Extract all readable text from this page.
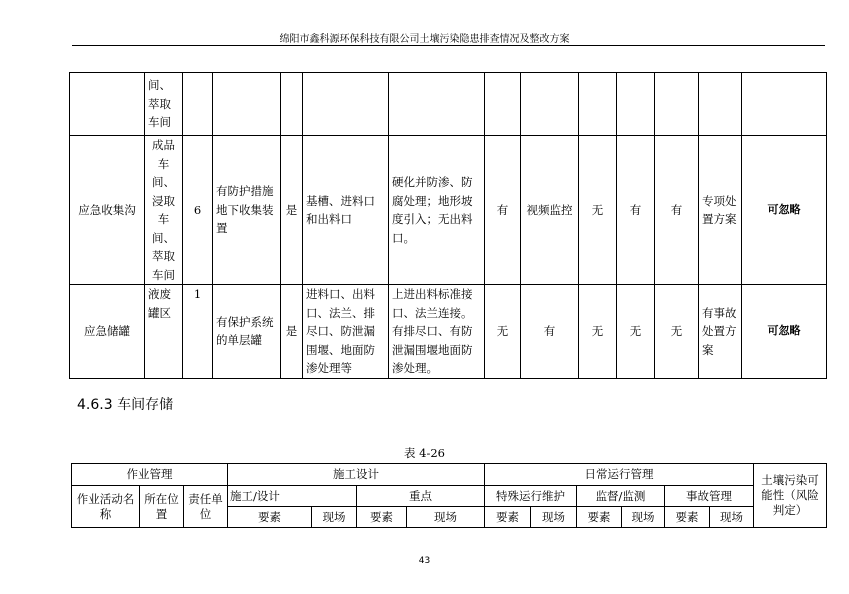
绵阳市鑫科源环保科技有限公司土壤污染隐患排查情况及整改方案
	间、萃取车间												
应急收集沟	成品车间、浸取车间、萃取车间	6	有防护措施地下收集装置	是	基槽、进料口和出料口	硬化并防渗、防腐处理；地形坡度引入；无出料口。	有	视频监控	无	有	有	专项处置方案	可忽略
应急储罐	液废罐区	1	有保护系统的单层罐	是	进料口、出料口、法兰、排尽口、防泄漏围堰、地面防渗处理等	上进出料标准接口、法兰连接。有排尽口、有防泄漏围堰地面防渗处理。	无	有	无	无	无	有事故处置方案	可忽略
4.6.3 车间存储
表 4-26
作业管理			施工设计				日常运行管理						土壤污染可能性（风险判定）
作业活动名称	所在位置	责任单位	施工/设计		重点		特殊运行维护		监督/监测		事故管理		
			要素	现场	要素	现场	要素	现场	要素	现场	要素	现场	
43
